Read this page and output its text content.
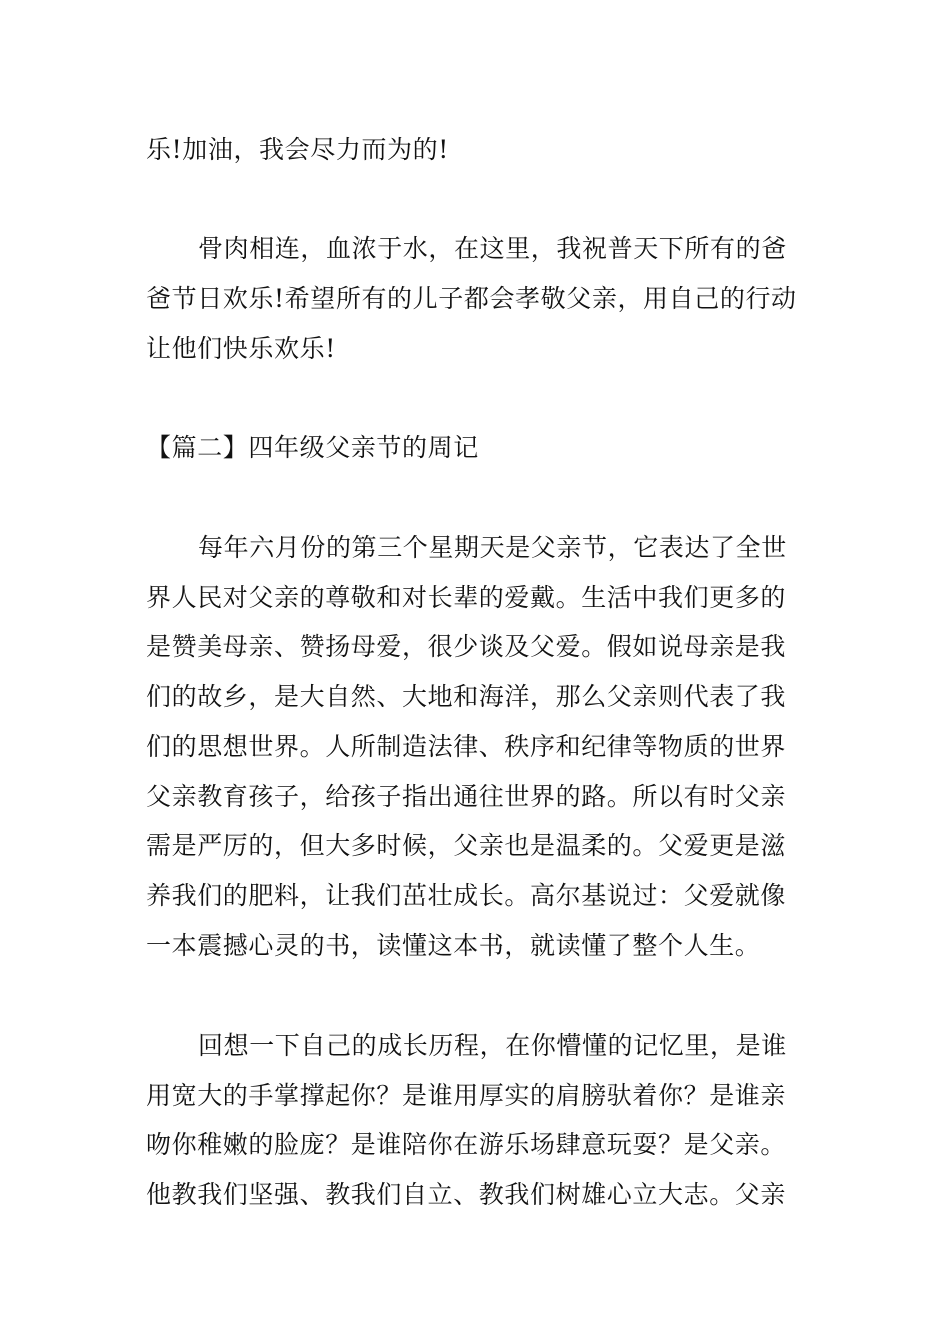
乐!加油，我会尽力而为的!
骨肉相连，血浓于水，在这里，我祝普天下所有的爸
爸节日欢乐!希望所有的儿子都会孝敬父亲，用自己的行动
让他们快乐欢乐!
【篇二】四年级父亲节的周记
每年六月份的第三个星期天是父亲节，它表达了全世
界人民对父亲的尊敬和对长辈的爱戴。生活中我们更多的
是赞美母亲、赞扬母爱，很少谈及父爱。假如说母亲是我
们的故乡，是大自然、大地和海洋，那么父亲则代表了我
们的思想世界。人所制造法律、秩序和纪律等物质的世界
父亲教育孩子，给孩子指出通往世界的路。所以有时父亲
需是严厉的，但大多时候，父亲也是温柔的。父爱更是滋
养我们的肥料，让我们茁壮成长。高尔基说过：父爱就像
一本震撼心灵的书，读懂这本书，就读懂了整个人生。
回想一下自己的成长历程，在你懵懂的记忆里，是谁
用宽大的手掌撑起你？是谁用厚实的肩膀驮着你？是谁亲
吻你稚嫩的脸庞？是谁陪你在游乐场肆意玩耍？是父亲。
他教我们坚强、教我们自立、教我们树雄心立大志。父亲
